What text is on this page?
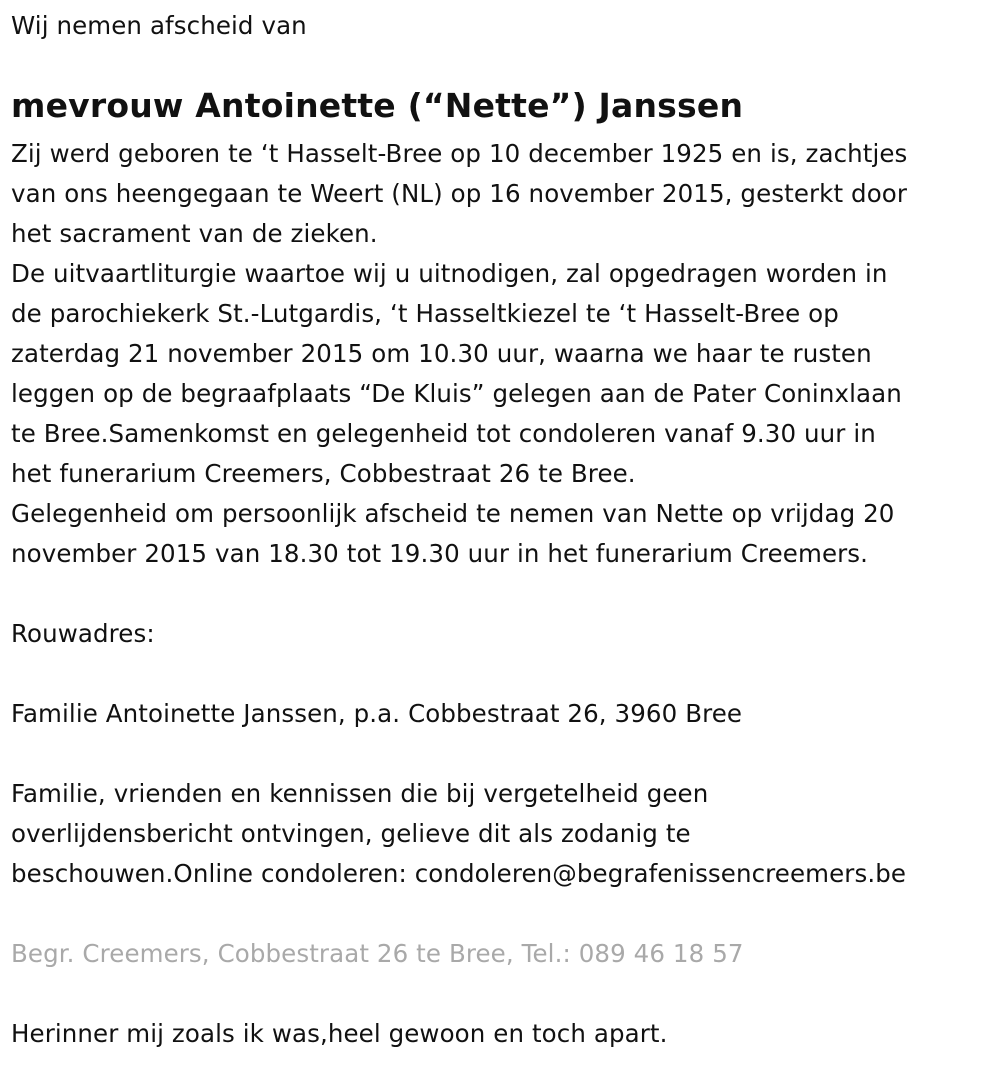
Wij nemen afscheid van

mevrouw Antoinette (“Nette”) Janssen

Zij werd geboren te ‘t Hasselt-Bree op 10 december 1925 en is, zachtjes

van ons heengegaan te Weert (NL) op 16 november 2015, gesterkt door

het sacrament van de zieken.

De uitvaartliturgie waartoe wij u uitnodigen, zal opgedragen worden in

de parochiekerk St.-Lutgardis, ‘t Hasseltkiezel te ‘t Hasselt-Bree op

zaterdag 21 november 2015 om 10.30 uur, waarna we haar te rusten

leggen op de begraafplaats “De Kluis” gelegen aan de Pater Coninxlaan

te Bree.Samenkomst en gelegenheid tot condoleren vanaf 9.30 uur in

het funerarium Creemers, Cobbestraat 26 te Bree.

Gelegenheid om persoonlijk afscheid te nemen van Nette op vrijdag 20

november 2015 van 18.30 tot 19.30 uur in het funerarium Creemers.

Rouwadres:

Familie Antoinette Janssen, p.a. Cobbestraat 26, 3960 Bree

Familie, vrienden en kennissen die bij vergetelheid geen

overlijdensbericht ontvingen, gelieve dit als zodanig te

beschouwen.Online condoleren: condoleren@begrafenissencreemers.be

Begr. Creemers, Cobbestraat 26 te Bree, Tel.: 089 46 18 57

Herinner mij zoals ik was,heel gewoon en toch apart.
